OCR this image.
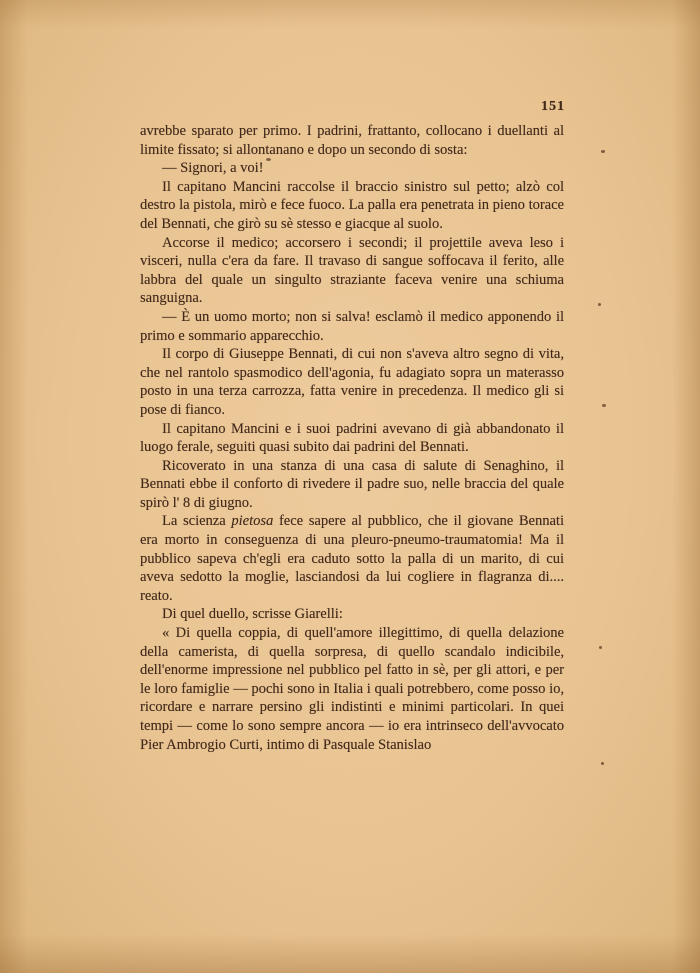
151

avrebbe sparato per primo. I padrini, frattanto, collocano i duellanti al limite fissato; si allontanano e dopo un secondo di sosta:

— Signori, a voi!

Il capitano Mancini raccolse il braccio sinistro sul petto; alzò col destro la pistola, mirò e fece fuoco. La palla era penetrata in pieno torace del Bennati, che girò su sè stesso e giacque al suolo.

Accorse il medico; accorsero i secondi; il projettile aveva leso i visceri, nulla c'era da fare. Il travaso di sangue soffocava il ferito, alle labbra del quale un singulto straziante faceva venire una schiuma sanguigna.

— È un uomo morto; non si salva! esclamò il medico apponendo il primo e sommario apparecchio.

Il corpo di Giuseppe Bennati, di cui non s'aveva altro segno di vita, che nel rantolo spasmodico dell'agonia, fu adagiato sopra un materasso posto in una terza carrozza, fatta venire in precedenza. Il medico gli si pose di fianco.

Il capitano Mancini e i suoi padrini avevano di già abbandonato il luogo ferale, seguiti quasi subito dai padrini del Bennati.

Ricoverato in una stanza di una casa di salute di Senaghino, il Bennati ebbe il conforto di rivedere il padre suo, nelle braccia del quale spirò l' 8 di giugno.

La scienza pietosa fece sapere al pubblico, che il giovane Bennati era morto in conseguenza di una pleuro-pneumo-traumatomia! Ma il pubblico sapeva ch'egli era caduto sotto la palla di un marito, di cui aveva sedotto la moglie, lasciandosi da lui cogliere in flagranza di.... reato.

Di quel duello, scrisse Giarelli:

« Di quella coppia, di quell'amore illegittimo, di quella delazione della camerista, di quella sorpresa, di quello scandalo indicibile, dell'enorme impressione nel pubblico pel fatto in sè, per gli attori, e per le loro famiglie — pochi sono in Italia i quali potrebbero, come posso io, ricordare e narrare persino gli indistinti e minimi particolari. In quei tempi — come lo sono sempre ancora — io era intrinseco dell'avvocato Pier Ambrogio Curti, intimo di Pasquale Stanislao
